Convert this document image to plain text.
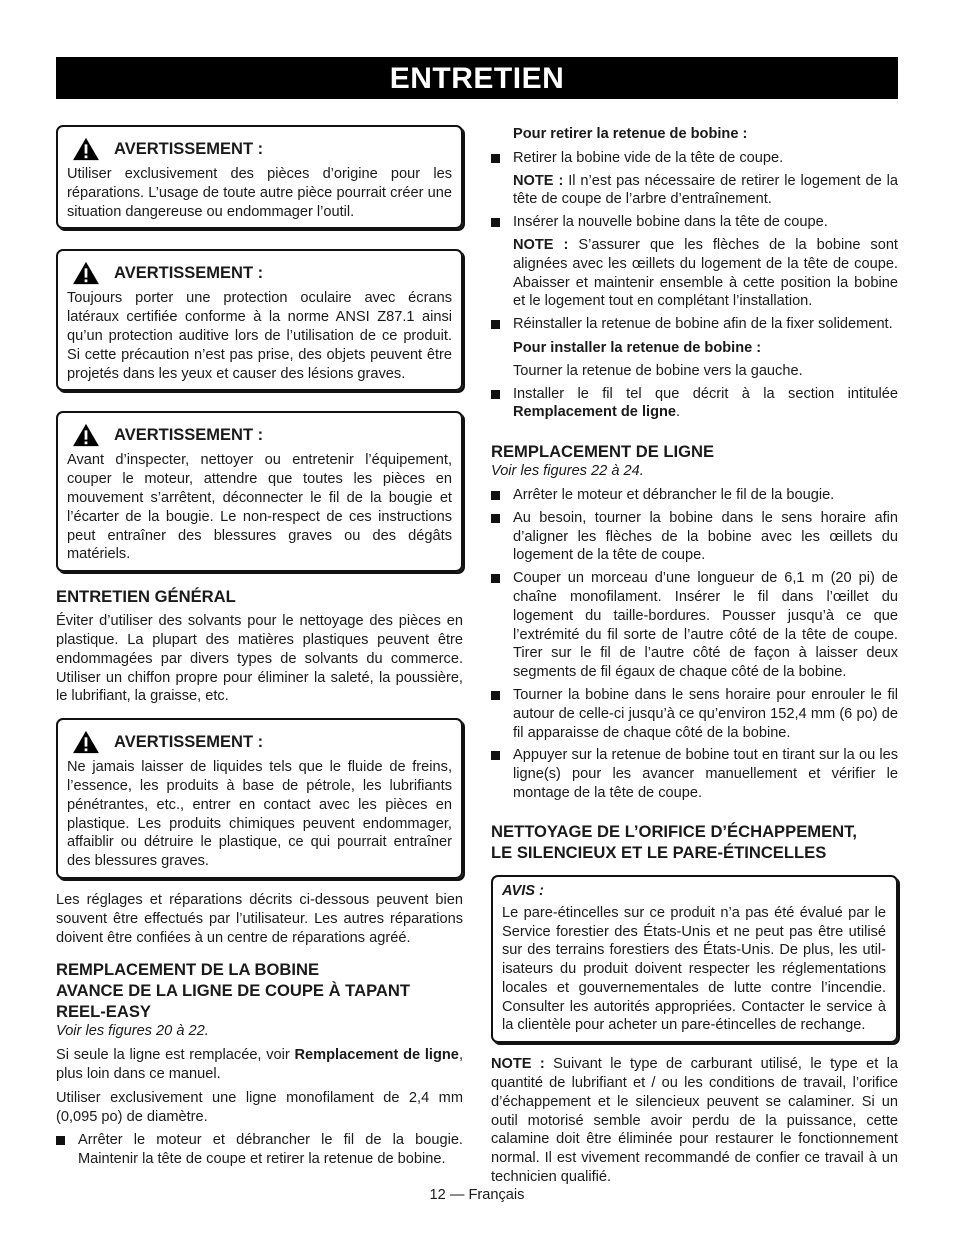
ENTRETIEN
AVERTISSEMENT :

Utiliser exclusivement des pièces d’origine pour les réparations. L’usage de toute autre pièce pourrait créer une situation dangereuse ou endommager l’outil.

AVERTISSEMENT :

Toujours porter une protection oculaire avec écrans latéraux certifiée conforme à la norme ANSI Z87.1 ainsi qu’un protection auditive lors de l’utilisation de ce produit. Si cette précaution n’est pas prise, des objets peuvent être projetés dans les yeux et causer des lésions graves.

AVERTISSEMENT :

Avant d’inspecter, nettoyer ou entretenir l’équipement, couper le moteur, attendre que toutes les pièces en mouvement s’arrêtent, déconnecter le fil de la bougie et l’écarter de la bougie. Le non-respect de ces instructions peut entraîner des blessures graves ou des dégâts matériels.

ENTRETIEN GÉNÉRAL

Éviter d’utiliser des solvants pour le nettoyage des pièces en plastique. La plupart des matières plastiques peuvent être endommagées par divers types de solvants du commerce. Utiliser un chiffon propre pour éliminer la saleté, la poussière, le lubrifiant, la graisse, etc.

AVERTISSEMENT :

Ne jamais laisser de liquides tels que le fluide de freins, l’essence, les produits à base de pétrole, les lubrifiants pénétrantes, etc., entrer en contact avec les pièces en plastique. Les produits chimiques peuvent endommager, affaiblir ou détruire le plastique, ce qui pourrait entraîner des blessures graves.

Les réglages et réparations décrits ci-dessous peuvent bien souvent être effectués par l’utilisateur. Les autres réparations doivent être confiées à un centre de réparations agréé.

REMPLACEMENT DE LA BOBINE
AVANCE DE LA LIGNE DE COUPE À TAPANT
REEL-EASY
Voir les figures 20 à 22.

Si seule la ligne est remplacée, voir Remplacement de ligne, plus loin dans ce manuel.

Utiliser exclusivement une ligne monofilament de 2,4 mm (0,095 po) de diamètre.

Arrêter le moteur et débrancher le fil de la bougie. Maintenir la tête de coupe et retirer la retenue de bobine.
Pour retirer la retenue de bobine :
Retirer la bobine vide de la tête de coupe.

NOTE : Il n’est pas nécessaire de retirer le logement de la tête de coupe de l’arbre d’entraînement.

Insérer la nouvelle bobine dans la tête de coupe.

NOTE : S’assurer que les flèches de la bobine sont alignées avec les œillets du logement de la tête de coupe. Abaisser et maintenir ensemble à cette position la bobine et le logement tout en complétant l’installation.

Réinstaller la retenue de bobine afin de la fixer solidement.
Pour installer la retenue de bobine :

Tourner la retenue de bobine vers la gauche.

Installer le fil tel que décrit à la section intitulée Remplacement de ligne.
REMPLACEMENT DE LIGNE
Voir les figures 22 à 24.
Arrêter le moteur et débrancher le fil de la bougie.
Au besoin, tourner la bobine dans le sens horaire afin d’aligner les flèches de la bobine avec les œillets du logement de la tête de coupe.
Couper un morceau d’une longueur de 6,1 m (20 pi) de chaîne monofilament. Insérer le fil dans l’œillet du logement du taille-bordures. Pousser jusqu’à ce que l’extrémité du fil sorte de l’autre côté de la tête de coupe. Tirer sur le fil de l’autre côté de façon à laisser deux segments de fil égaux de chaque côté de la bobine.
Tourner la bobine dans le sens horaire pour enrouler le fil autour de celle-ci jusqu’à ce qu’environ 152,4 mm (6 po) de fil apparaisse de chaque côté de la bobine.
Appuyer sur la retenue de bobine tout en tirant sur la ou les ligne(s) pour les avancer manuellement et vérifier le montage de la tête de coupe.
NETTOYAGE DE L’ORIFICE D’ÉCHAPPEMENT,
LE SILENCIEUX ET LE PARE-ÉTINCELLES
AVIS :

Le pare-étincelles sur ce produit n’a pas été évalué par le Service forestier des États-Unis et ne peut pas être utilisé sur des terrains forestiers des États-Unis. De plus, les util-isateurs du produit doivent respecter les réglementations locales et gouvernementales de lutte contre l’incendie. Consulter les autorités appropriées. Contacter le service à la clientèle pour acheter un pare-étincelles de rechange.

NOTE : Suivant le type de carburant utilisé, le type et la quantité de lubrifiant et / ou les conditions de travail, l’orifice d’échappement et le silencieux peuvent se calaminer. Si un outil motorisé semble avoir perdu de la puissance, cette calamine doit être éliminée pour restaurer le fonctionnement normal. Il est vivement recommandé de confier ce travail à un technicien qualifié.

12 — Français
